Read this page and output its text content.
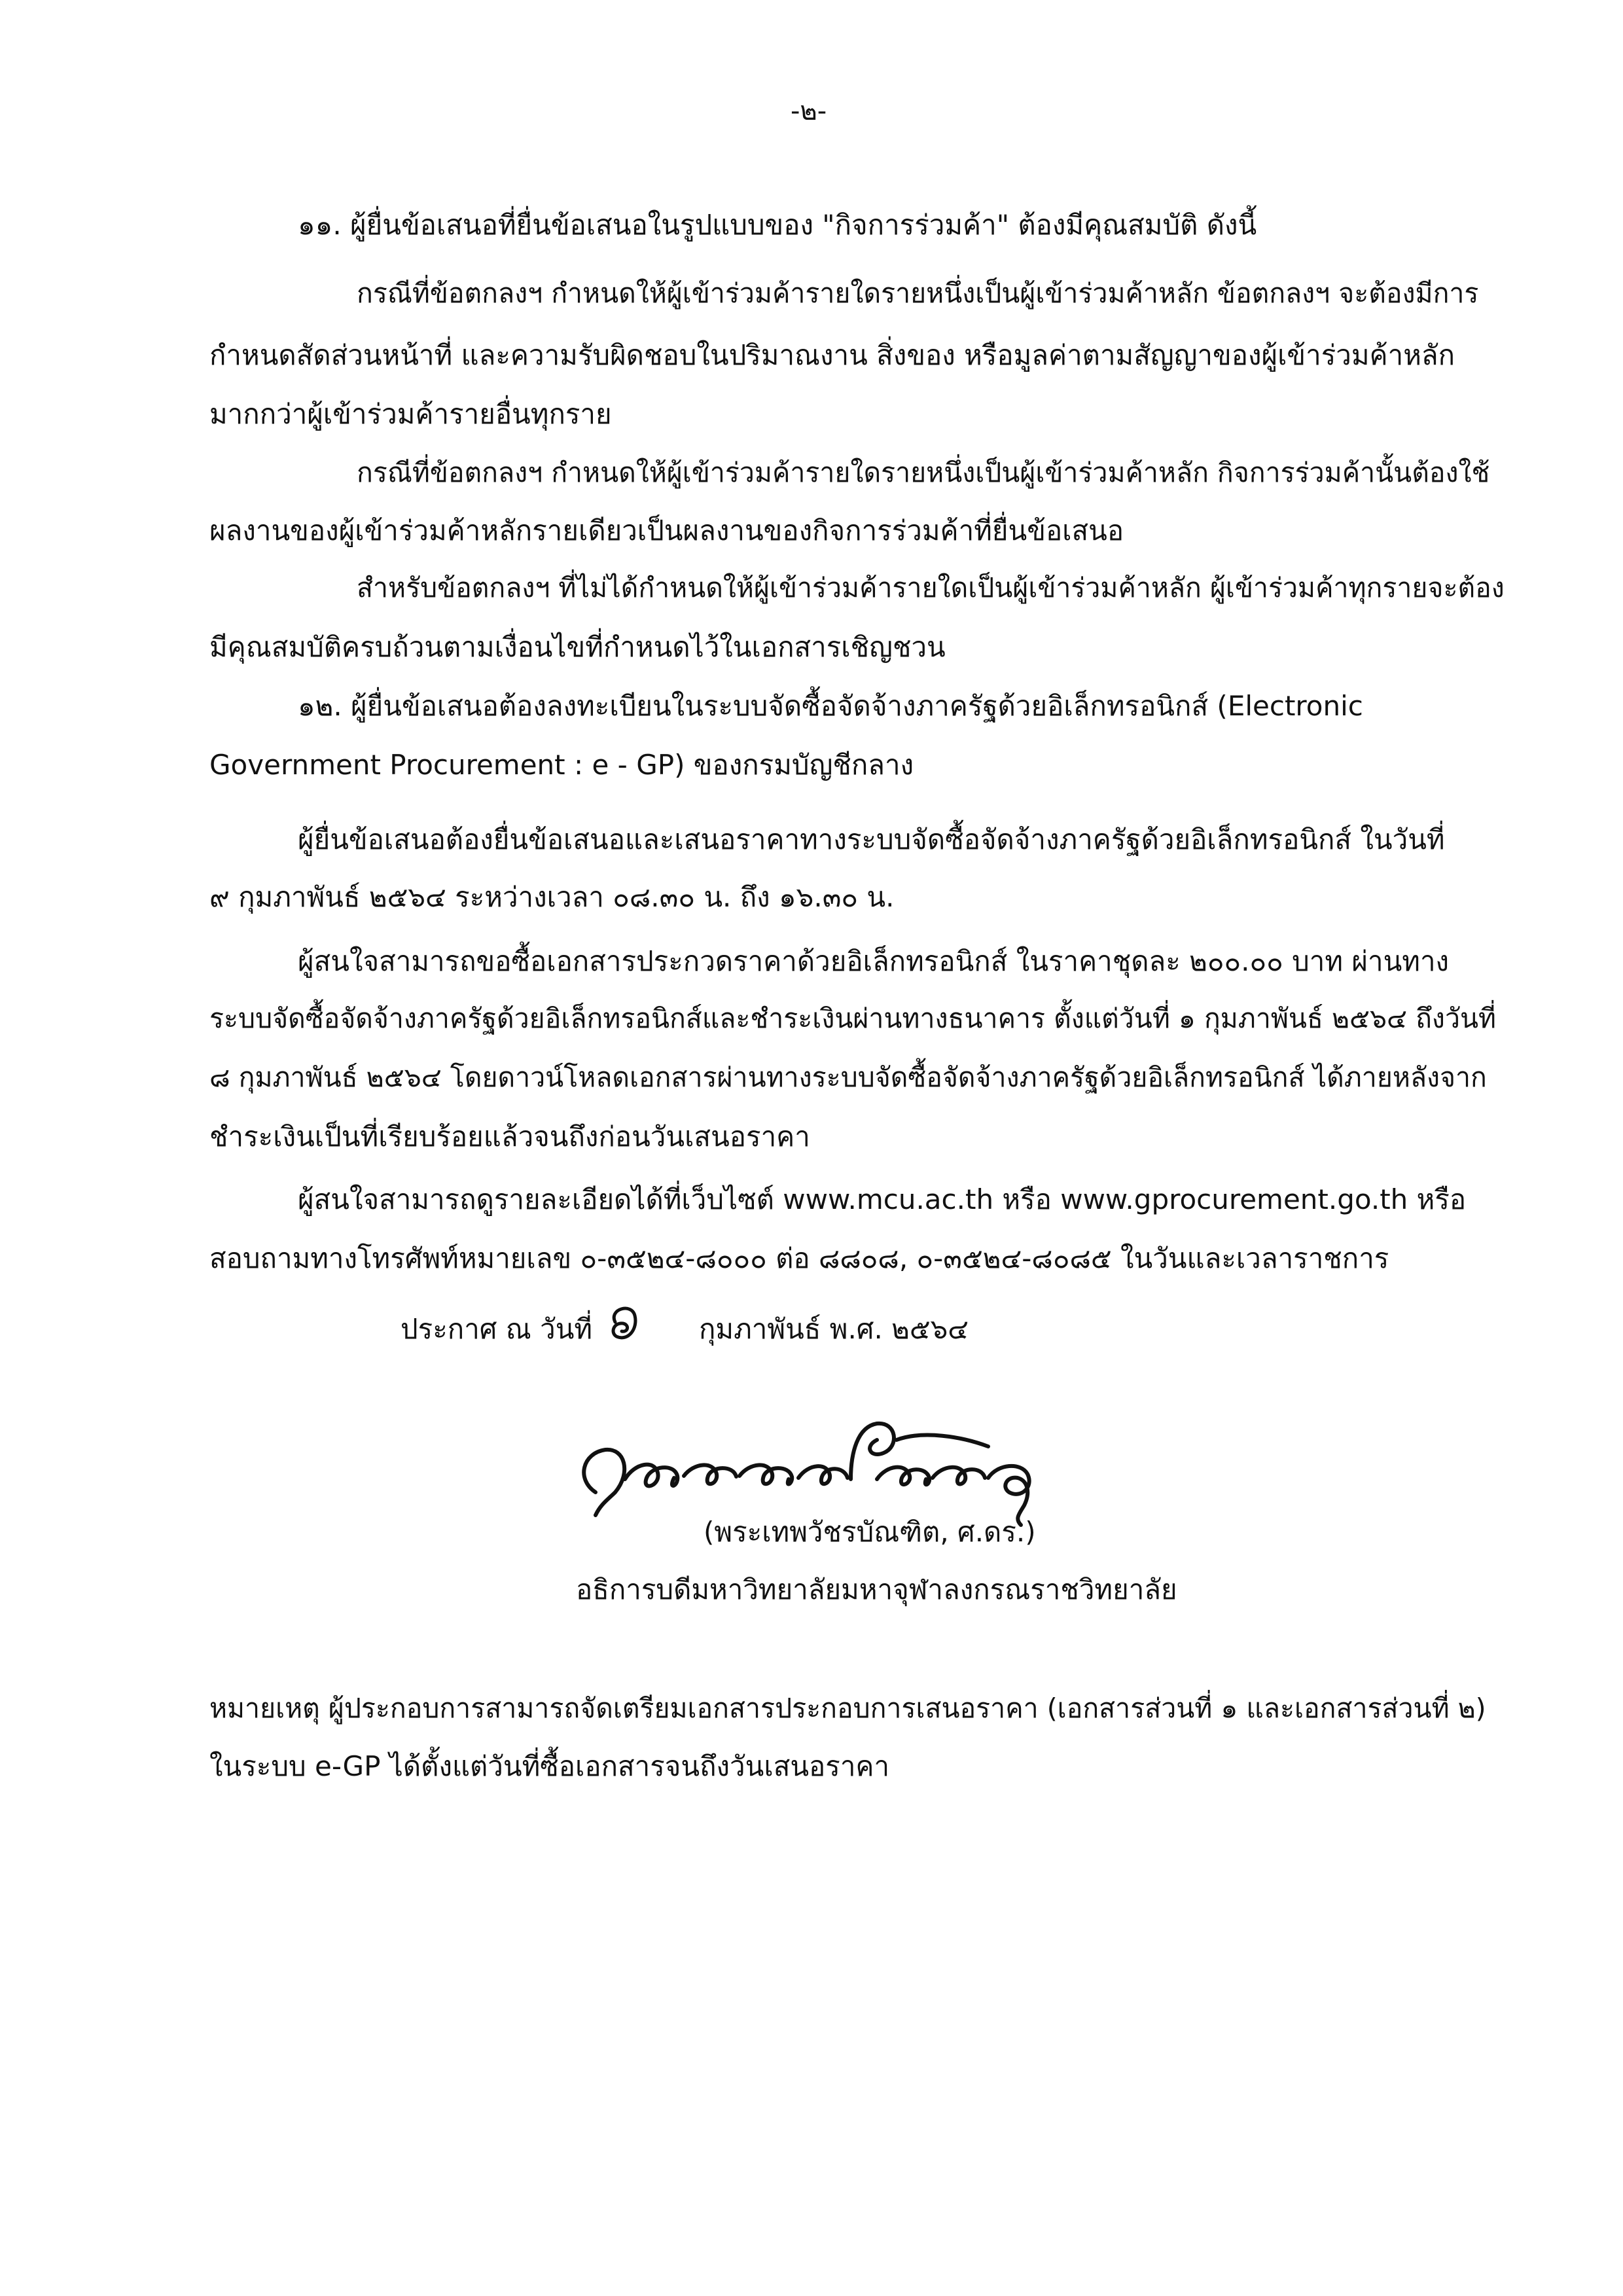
-๒-
๑๑. ผู้ยื่นข้อเสนอที่ยื่นข้อเสนอในรูปแบบของ "กิจการร่วมค้า" ต้องมีคุณสมบัติ ดังนี้
กรณีที่ข้อตกลงฯ กำหนดให้ผู้เข้าร่วมค้ารายใดรายหนึ่งเป็นผู้เข้าร่วมค้าหลัก ข้อตกลงฯ จะต้องมีการ
กำหนดสัดส่วนหน้าที่ และความรับผิดชอบในปริมาณงาน สิ่งของ หรือมูลค่าตามสัญญาของผู้เข้าร่วมค้าหลัก
มากกว่าผู้เข้าร่วมค้ารายอื่นทุกราย
กรณีที่ข้อตกลงฯ กำหนดให้ผู้เข้าร่วมค้ารายใดรายหนึ่งเป็นผู้เข้าร่วมค้าหลัก กิจการร่วมค้านั้นต้องใช้
ผลงานของผู้เข้าร่วมค้าหลักรายเดียวเป็นผลงานของกิจการร่วมค้าที่ยื่นข้อเสนอ
สำหรับข้อตกลงฯ ที่ไม่ได้กำหนดให้ผู้เข้าร่วมค้ารายใดเป็นผู้เข้าร่วมค้าหลัก ผู้เข้าร่วมค้าทุกรายจะต้อง
มีคุณสมบัติครบถ้วนตามเงื่อนไขที่กำหนดไว้ในเอกสารเชิญชวน
๑๒. ผู้ยื่นข้อเสนอต้องลงทะเบียนในระบบจัดซื้อจัดจ้างภาครัฐด้วยอิเล็กทรอนิกส์ (Electronic
Government Procurement : e - GP) ของกรมบัญชีกลาง
ผู้ยื่นข้อเสนอต้องยื่นข้อเสนอและเสนอราคาทางระบบจัดซื้อจัดจ้างภาครัฐด้วยอิเล็กทรอนิกส์ ในวันที่
๙ กุมภาพันธ์ ๒๕๖๔ ระหว่างเวลา ๐๘.๓๐ น. ถึง ๑๖.๓๐ น.
ผู้สนใจสามารถขอซื้อเอกสารประกวดราคาด้วยอิเล็กทรอนิกส์ ในราคาชุดละ ๒๐๐.๐๐ บาท ผ่านทาง
ระบบจัดซื้อจัดจ้างภาครัฐด้วยอิเล็กทรอนิกส์และชำระเงินผ่านทางธนาคาร ตั้งแต่วันที่ ๑ กุมภาพันธ์ ๒๕๖๔ ถึงวันที่
๘ กุมภาพันธ์ ๒๕๖๔ โดยดาวน์โหลดเอกสารผ่านทางระบบจัดซื้อจัดจ้างภาครัฐด้วยอิเล็กทรอนิกส์ ได้ภายหลังจาก
ชำระเงินเป็นที่เรียบร้อยแล้วจนถึงก่อนวันเสนอราคา
ผู้สนใจสามารถดูรายละเอียดได้ที่เว็บไซต์ www.mcu.ac.th หรือ www.gprocurement.go.th หรือ
สอบถามทางโทรศัพท์หมายเลข ๐-๓๕๒๔-๘๐๐๐ ต่อ ๘๘๐๘, ๐-๓๕๒๔-๘๐๘๕ ในวันและเวลาราชการ
ประกาศ ณ วันที่	กุมภาพันธ์ พ.ศ. ๒๕๖๔
(พระเทพวัชรบัณฑิต, ศ.ดร.)
อธิการบดีมหาวิทยาลัยมหาจุฬาลงกรณราชวิทยาลัย
หมายเหตุ ผู้ประกอบการสามารถจัดเตรียมเอกสารประกอบการเสนอราคา (เอกสารส่วนที่ ๑ และเอกสารส่วนที่ ๒)
ในระบบ e-GP ได้ตั้งแต่วันที่ซื้อเอกสารจนถึงวันเสนอราคา
